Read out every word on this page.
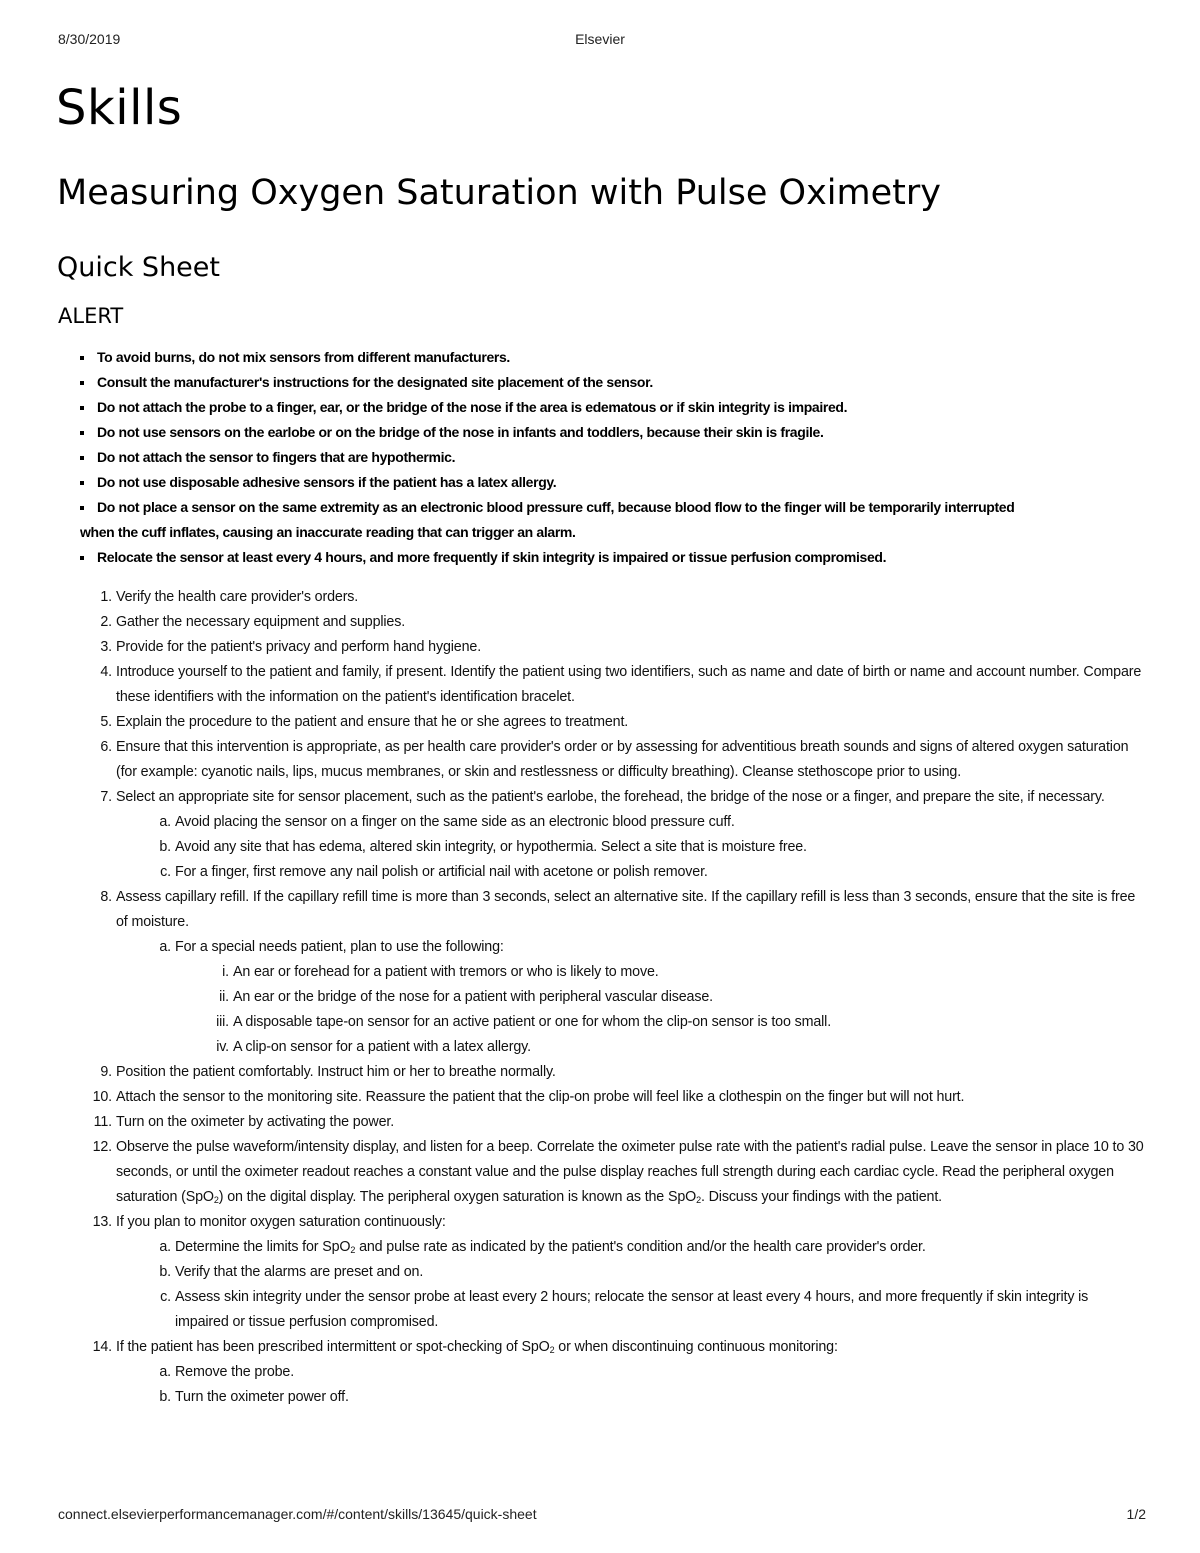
8/30/2019	Elsevier
Skills
Measuring Oxygen Saturation with Pulse Oximetry
Quick Sheet
ALERT
To avoid burns, do not mix sensors from different manufacturers.
Consult the manufacturer's instructions for the designated site placement of the sensor.
Do not attach the probe to a finger, ear, or the bridge of the nose if the area is edematous or if skin integrity is impaired.
Do not use sensors on the earlobe or on the bridge of the nose in infants and toddlers, because their skin is fragile.
Do not attach the sensor to fingers that are hypothermic.
Do not use disposable adhesive sensors if the patient has a latex allergy.
Do not place a sensor on the same extremity as an electronic blood pressure cuff, because blood flow to the finger will be temporarily interrupted
when the cuff inflates, causing an inaccurate reading that can trigger an alarm.
Relocate the sensor at least every 4 hours, and more frequently if skin integrity is impaired or tissue perfusion compromised.
1. Verify the health care provider's orders.
2. Gather the necessary equipment and supplies.
3. Provide for the patient's privacy and perform hand hygiene.
4. Introduce yourself to the patient and family, if present. Identify the patient using two identifiers, such as name and date of birth or name and account number. Compare these identifiers with the information on the patient's identification bracelet.
5. Explain the procedure to the patient and ensure that he or she agrees to treatment.
6. Ensure that this intervention is appropriate, as per health care provider's order or by assessing for adventitious breath sounds and signs of altered oxygen saturation (for example: cyanotic nails, lips, mucus membranes, or skin and restlessness or difficulty breathing). Cleanse stethoscope prior to using.
7. Select an appropriate site for sensor placement, such as the patient's earlobe, the forehead, the bridge of the nose or a finger, and prepare the site, if necessary.
a. Avoid placing the sensor on a finger on the same side as an electronic blood pressure cuff.
b. Avoid any site that has edema, altered skin integrity, or hypothermia. Select a site that is moisture free.
c. For a finger, first remove any nail polish or artificial nail with acetone or polish remover.
8. Assess capillary refill. If the capillary refill time is more than 3 seconds, select an alternative site. If the capillary refill is less than 3 seconds, ensure that the site is free of moisture.
a. For a special needs patient, plan to use the following:
i. An ear or forehead for a patient with tremors or who is likely to move.
ii. An ear or the bridge of the nose for a patient with peripheral vascular disease.
iii. A disposable tape-on sensor for an active patient or one for whom the clip-on sensor is too small.
iv. A clip-on sensor for a patient with a latex allergy.
9. Position the patient comfortably. Instruct him or her to breathe normally.
10. Attach the sensor to the monitoring site. Reassure the patient that the clip-on probe will feel like a clothespin on the finger but will not hurt.
11. Turn on the oximeter by activating the power.
12. Observe the pulse waveform/intensity display, and listen for a beep. Correlate the oximeter pulse rate with the patient's radial pulse. Leave the sensor in place 10 to 30 seconds, or until the oximeter readout reaches a constant value and the pulse display reaches full strength during each cardiac cycle. Read the peripheral oxygen saturation (SpO$_2$) on the digital display. The peripheral oxygen saturation is known as the SpO$_2$. Discuss your findings with the patient.
13. If you plan to monitor oxygen saturation continuously:
a. Determine the limits for SpO$_2$ and pulse rate as indicated by the patient's condition and/or the health care provider's order.
b. Verify that the alarms are preset and on.
c. Assess skin integrity under the sensor probe at least every 2 hours; relocate the sensor at least every 4 hours, and more frequently if skin integrity is impaired or tissue perfusion compromised.
14. If the patient has been prescribed intermittent or spot-checking of SpO$_2$ or when discontinuing continuous monitoring:
a. Remove the probe.
b. Turn the oximeter power off.
connect.elsevierperformancemanager.com/#/content/skills/13645/quick-sheet	1/2
